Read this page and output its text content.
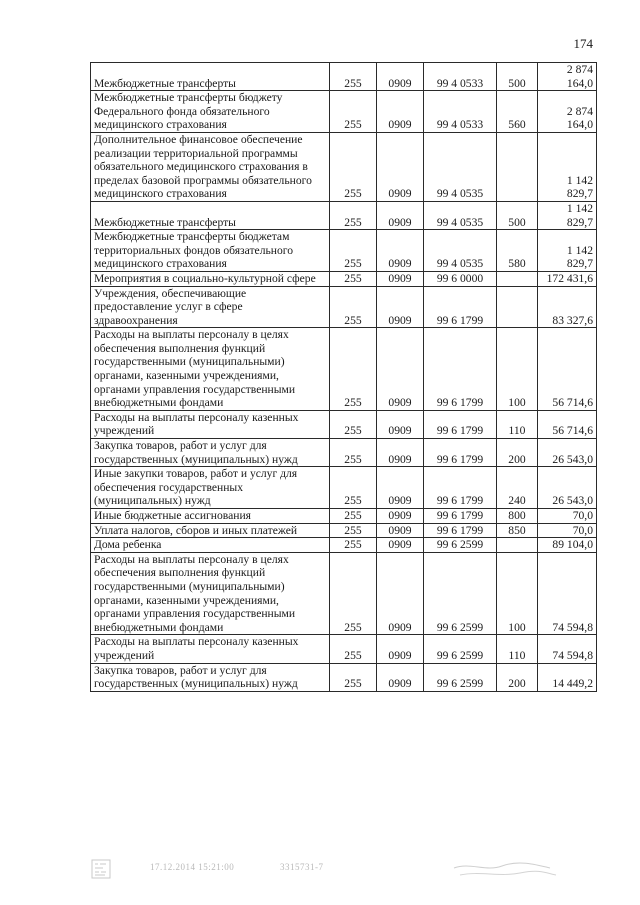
174
Межбюджетные трансферты	255	0909	99 4 0533	500	2 874 164,0
Межбюджетные трансферты бюджету Федерального фонда обязательного медицинского страхования	255	0909	99 4 0533	560	2 874 164,0
Дополнительное финансовое обеспечение реализации территориальной программы обязательного медицинского страхования в пределах базовой программы обязательного медицинского страхования	255	0909	99 4 0535		1 142 829,7
Межбюджетные трансферты	255	0909	99 4 0535	500	1 142 829,7
Межбюджетные трансферты бюджетам территориальных фондов обязательного медицинского страхования	255	0909	99 4 0535	580	1 142 829,7
Мероприятия в социально-культурной сфере	255	0909	99 6 0000		172 431,6
Учреждения, обеспечивающие предоставление услуг в сфере здравоохранения	255	0909	99 6 1799		83 327,6
Расходы на выплаты персоналу в целях обеспечения выполнения функций государственными (муниципальными) органами, казенными учреждениями, органами управления государственными внебюджетными фондами	255	0909	99 6 1799	100	56 714,6
Расходы на выплаты персоналу казенных учреждений	255	0909	99 6 1799	110	56 714,6
Закупка товаров, работ и услуг для государственных (муниципальных) нужд	255	0909	99 6 1799	200	26 543,0
Иные закупки товаров, работ и услуг для обеспечения государственных (муниципальных) нужд	255	0909	99 6 1799	240	26 543,0
Иные бюджетные ассигнования	255	0909	99 6 1799	800	70,0
Уплата налогов, сборов и иных платежей	255	0909	99 6 1799	850	70,0
Дома ребенка	255	0909	99 6 2599		89 104,0
Расходы на выплаты персоналу в целях обеспечения выполнения функций государственными (муниципальными) органами, казенными учреждениями, органами управления государственными внебюджетными фондами	255	0909	99 6 2599	100	74 594,8
Расходы на выплаты персоналу казенных учреждений	255	0909	99 6 2599	110	74 594,8
Закупка товаров, работ и услуг для государственных (муниципальных) нужд	255	0909	99 6 2599	200	14 449,2
17.12.2014 15:21:00	3315731-7
